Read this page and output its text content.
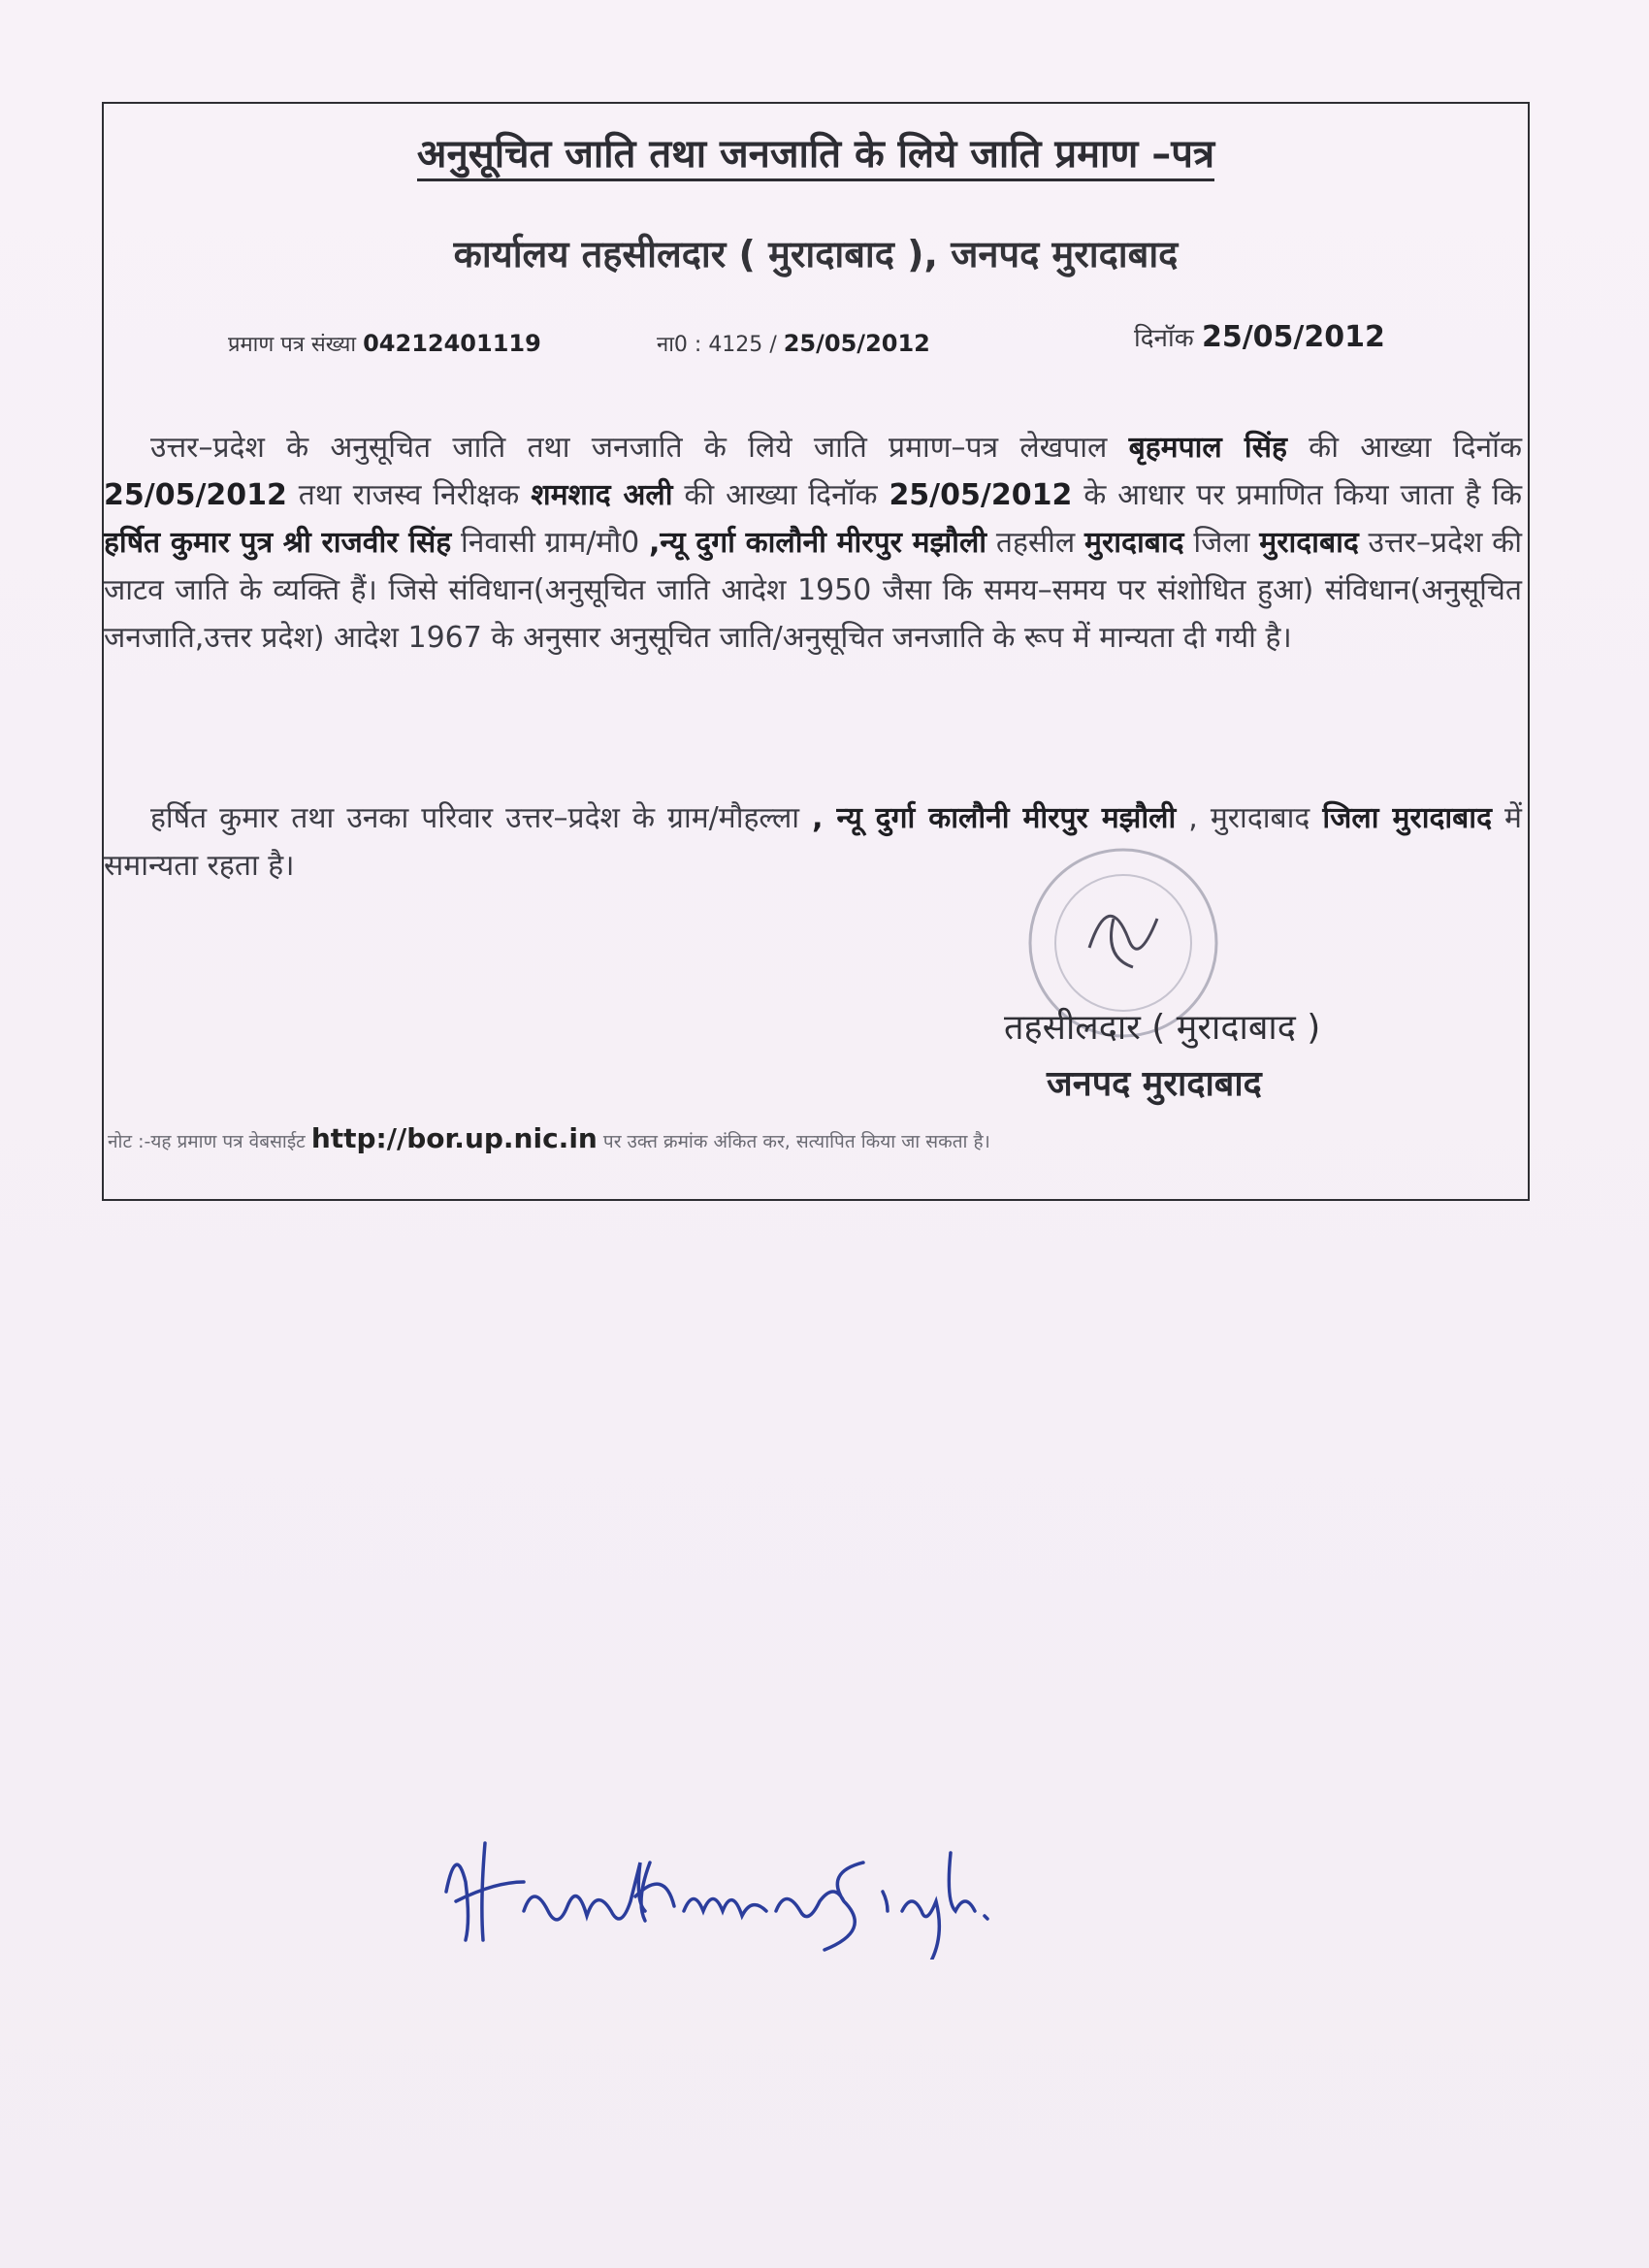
अनुसूचित जाति तथा जनजाति के लिये जाति प्रमाण –पत्र
कार्यालय तहसीलदार ( मुरादाबाद ), जनपद मुरादाबाद
प्रमाण पत्र संख्या 04212401119	ना0 : 4125 / 25/05/2012	दिनॉक 25/05/2012
उत्तर–प्रदेश के अनुसूचित जाति तथा जनजाति के लिये जाति प्रमाण–पत्र लेखपाल बृहमपाल सिंह की आख्या दिनॉक 25/05/2012 तथा राजस्व निरीक्षक शमशाद अली की आख्या दिनॉक 25/05/2012 के आधार पर प्रमाणित किया जाता है कि हर्षित कुमार पुत्र श्री राजवीर सिंह निवासी ग्राम/मौ0 ,न्यू दुर्गा कालौनी मीरपुर मझौली तहसील मुरादाबाद जिला मुरादाबाद उत्तर–प्रदेश की जाटव जाति के व्यक्ति हैं। जिसे संविधान(अनुसूचित जाति आदेश 1950 जैसा कि समय–समय पर संशोधित हुआ) संविधान(अनुसूचित जनजाति,उत्तर प्रदेश) आदेश 1967 के अनुसार अनुसूचित जाति/अनुसूचित जनजाति के रूप में मान्यता दी गयी है।
हर्षित कुमार तथा उनका परिवार उत्तर–प्रदेश के ग्राम/मौहल्ला , न्यू दुर्गा कालौनी मीरपुर मझौली , मुरादाबाद जिला मुरादाबाद में समान्यता रहता है।
तहसीलदार ( मुरादाबाद )
जनपद मुरादाबाद
नोट :-यह प्रमाण पत्र वेबसाईट http://bor.up.nic.in पर उक्त क्रमांक अंकित कर, सत्यापित किया जा सकता है।
